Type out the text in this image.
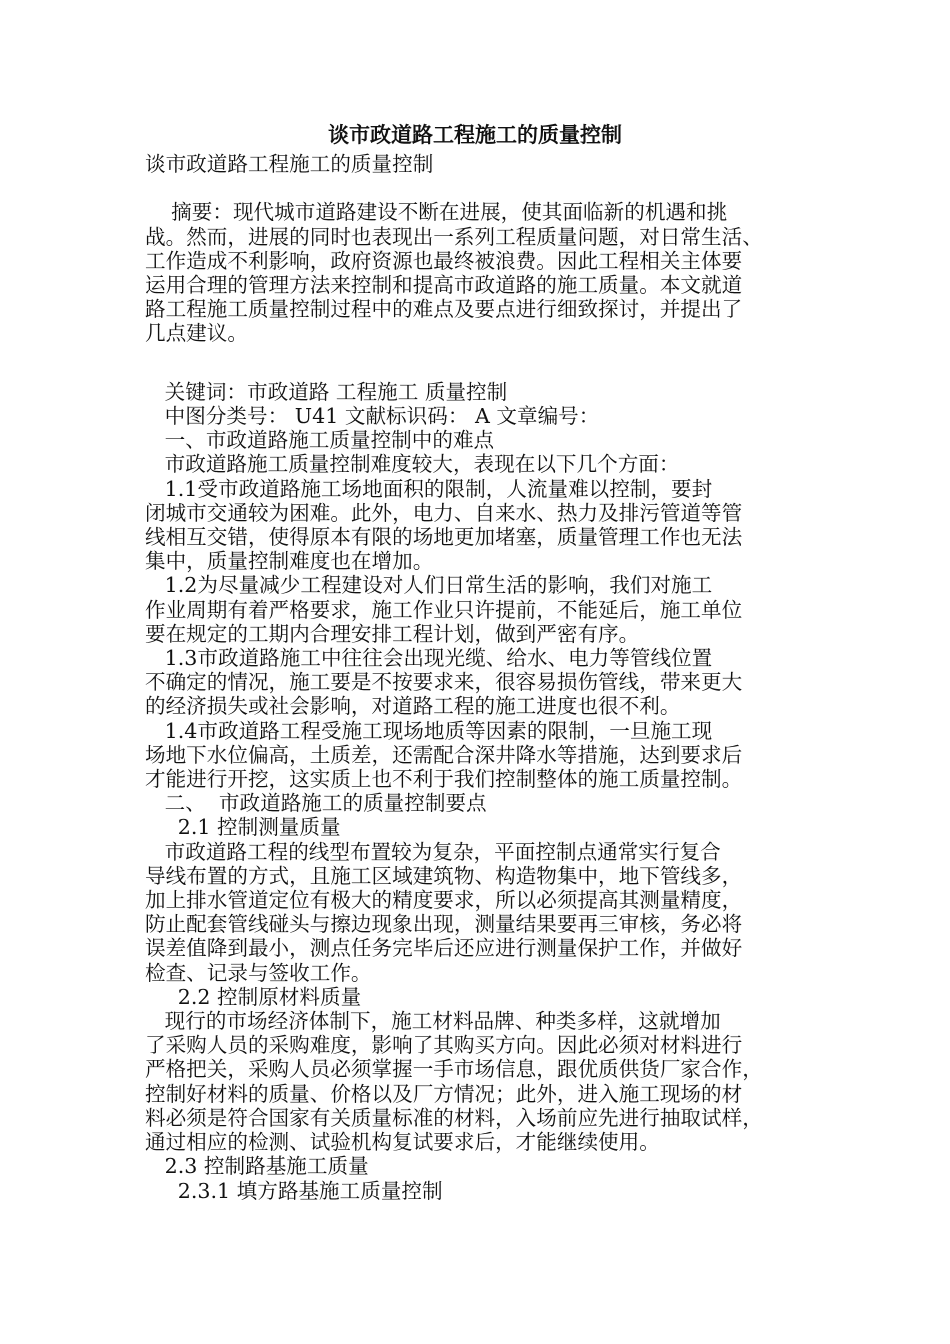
谈市政道路工程施工的质量控制
谈市政道路工程施工的质量控制
摘要：现代城市道路建设不断在进展，使其面临新的机遇和挑
战。然而，进展的同时也表现出一系列工程质量问题，对日常生活、
工作造成不利影响，政府资源也最终被浪费。因此工程相关主体要
运用合理的管理方法来控制和提高市政道路的施工质量。本文就道
路工程施工质量控制过程中的难点及要点进行细致探讨，并提出了
几点建议。
关键词：市政道路 工程施工 质量控制
中图分类号： U41 文献标识码： A 文章编号：
一、市政道路施工质量控制中的难点
市政道路施工质量控制难度较大，表现在以下几个方面：
1.1受市政道路施工场地面积的限制，人流量难以控制，要封
闭城市交通较为困难。此外，电力、自来水、热力及排污管道等管
线相互交错，使得原本有限的场地更加堵塞，质量管理工作也无法
集中，质量控制难度也在增加。
1.2为尽量减少工程建设对人们日常生活的影响，我们对施工
作业周期有着严格要求，施工作业只许提前，不能延后，施工单位
要在规定的工期内合理安排工程计划，做到严密有序。
1.3市政道路施工中往往会出现光缆、给水、电力等管线位置
不确定的情况，施工要是不按要求来，很容易损伤管线，带来更大
的经济损失或社会影响，对道路工程的施工进度也很不利。
1.4市政道路工程受施工现场地质等因素的限制，一旦施工现
场地下水位偏高，土质差，还需配合深井降水等措施，达到要求后
才能进行开挖，这实质上也不利于我们控制整体的施工质量控制。
二、  市政道路施工的质量控制要点
2.1 控制测量质量
市政道路工程的线型布置较为复杂，平面控制点通常实行复合
导线布置的方式，且施工区域建筑物、构造物集中，地下管线多，
加上排水管道定位有极大的精度要求，所以必须提高其测量精度，
防止配套管线碰头与擦边现象出现，测量结果要再三审核，务必将
误差值降到最小，测点任务完毕后还应进行测量保护工作，并做好
检查、记录与签收工作。
2.2 控制原材料质量
现行的市场经济体制下，施工材料品牌、种类多样，这就增加
了采购人员的采购难度，影响了其购买方向。因此必须对材料进行
严格把关，采购人员必须掌握一手市场信息，跟优质供货厂家合作，
控制好材料的质量、价格以及厂方情况；此外，进入施工现场的材
料必须是符合国家有关质量标准的材料，入场前应先进行抽取试样，
通过相应的检测、试验机构复试要求后，才能继续使用。
2.3 控制路基施工质量
2.3.1 填方路基施工质量控制
